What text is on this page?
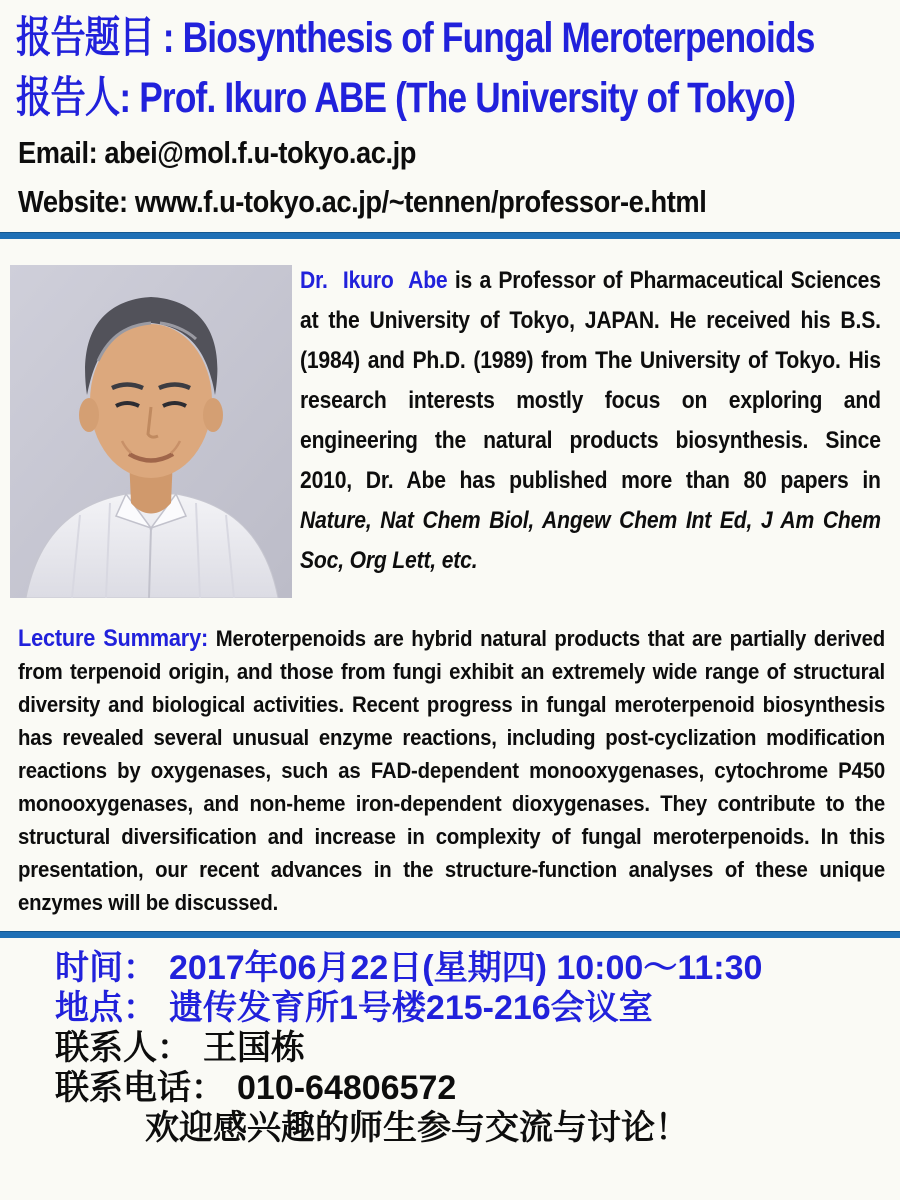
报告题目 : Biosynthesis of Fungal Meroterpenoids
报告人: Prof. Ikuro ABE (The University of Tokyo)
Email: abei@mol.f.u-tokyo.ac.jp
Website: www.f.u-tokyo.ac.jp/~tennen/professor-e.html
Dr. Ikuro Abe is a Professor of Pharmaceutical Sciences at the University of Tokyo, JAPAN. He received his B.S. (1984) and Ph.D. (1989) from The University of Tokyo. His research interests mostly focus on exploring and engineering the natural products biosynthesis. Since 2010, Dr. Abe has published more than 80 papers in Nature, Nat Chem Biol, Angew Chem Int Ed, J Am Chem Soc, Org Lett, etc.
Lecture Summary: Meroterpenoids are hybrid natural products that are partially derived from terpenoid origin, and those from fungi exhibit an extremely wide range of structural diversity and biological activities. Recent progress in fungal meroterpenoid biosynthesis has revealed several unusual enzyme reactions, including post-cyclization modification reactions by oxygenases, such as FAD-dependent monooxygenases, cytochrome P450 monooxygenases, and non-heme iron-dependent dioxygenases. They contribute to the structural diversification and increase in complexity of fungal meroterpenoids. In this presentation, our recent advances in the structure-function analyses of these unique enzymes will be discussed.

时间： 2017年06月22日(星期四) 10:00～11:30

地点： 遗传发育所1号楼215-216会议室

联系人： 王国栋

联系电话： 010-64806572

欢迎感兴趣的师生参与交流与讨论！
